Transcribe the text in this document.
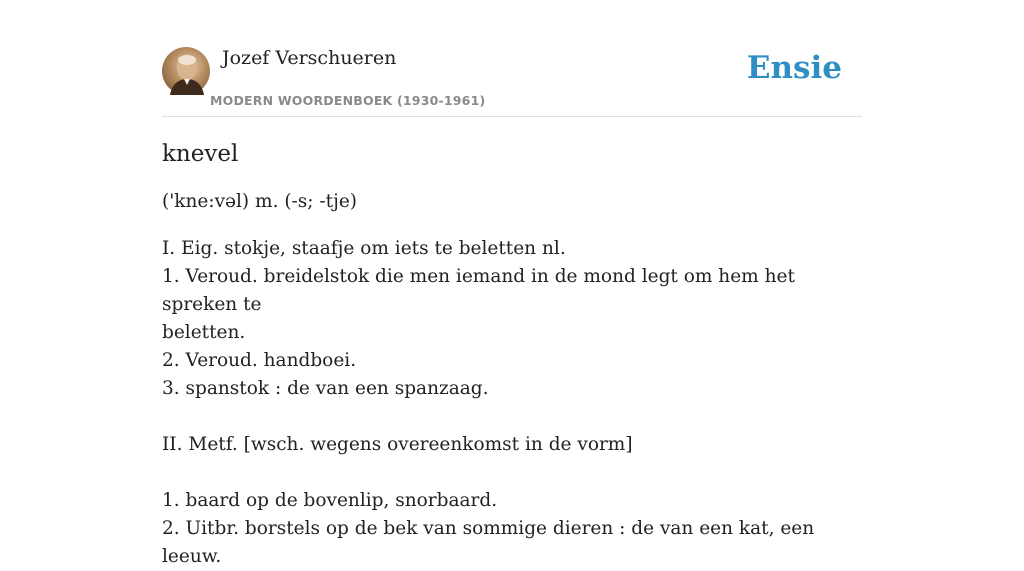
Jozef Verschueren
MODERN WOORDENBOEK (1930-1961)
Ensie
knevel
('kne:vəl) m. (-s; -tje)
I. Eig. stokje, staafje om iets te beletten nl.
1. Veroud. breidelstok die men iemand in de mond legt om hem het spreken te
beletten.
2. Veroud. handboei.
3. spanstok : de van een spanzaag.
II. Metf. [wsch. wegens overeenkomst in de vorm]
1. baard op de bovenlip, snorbaard.
2. Uitbr. borstels op de bek van sommige dieren : de van een kat, een leeuw.
